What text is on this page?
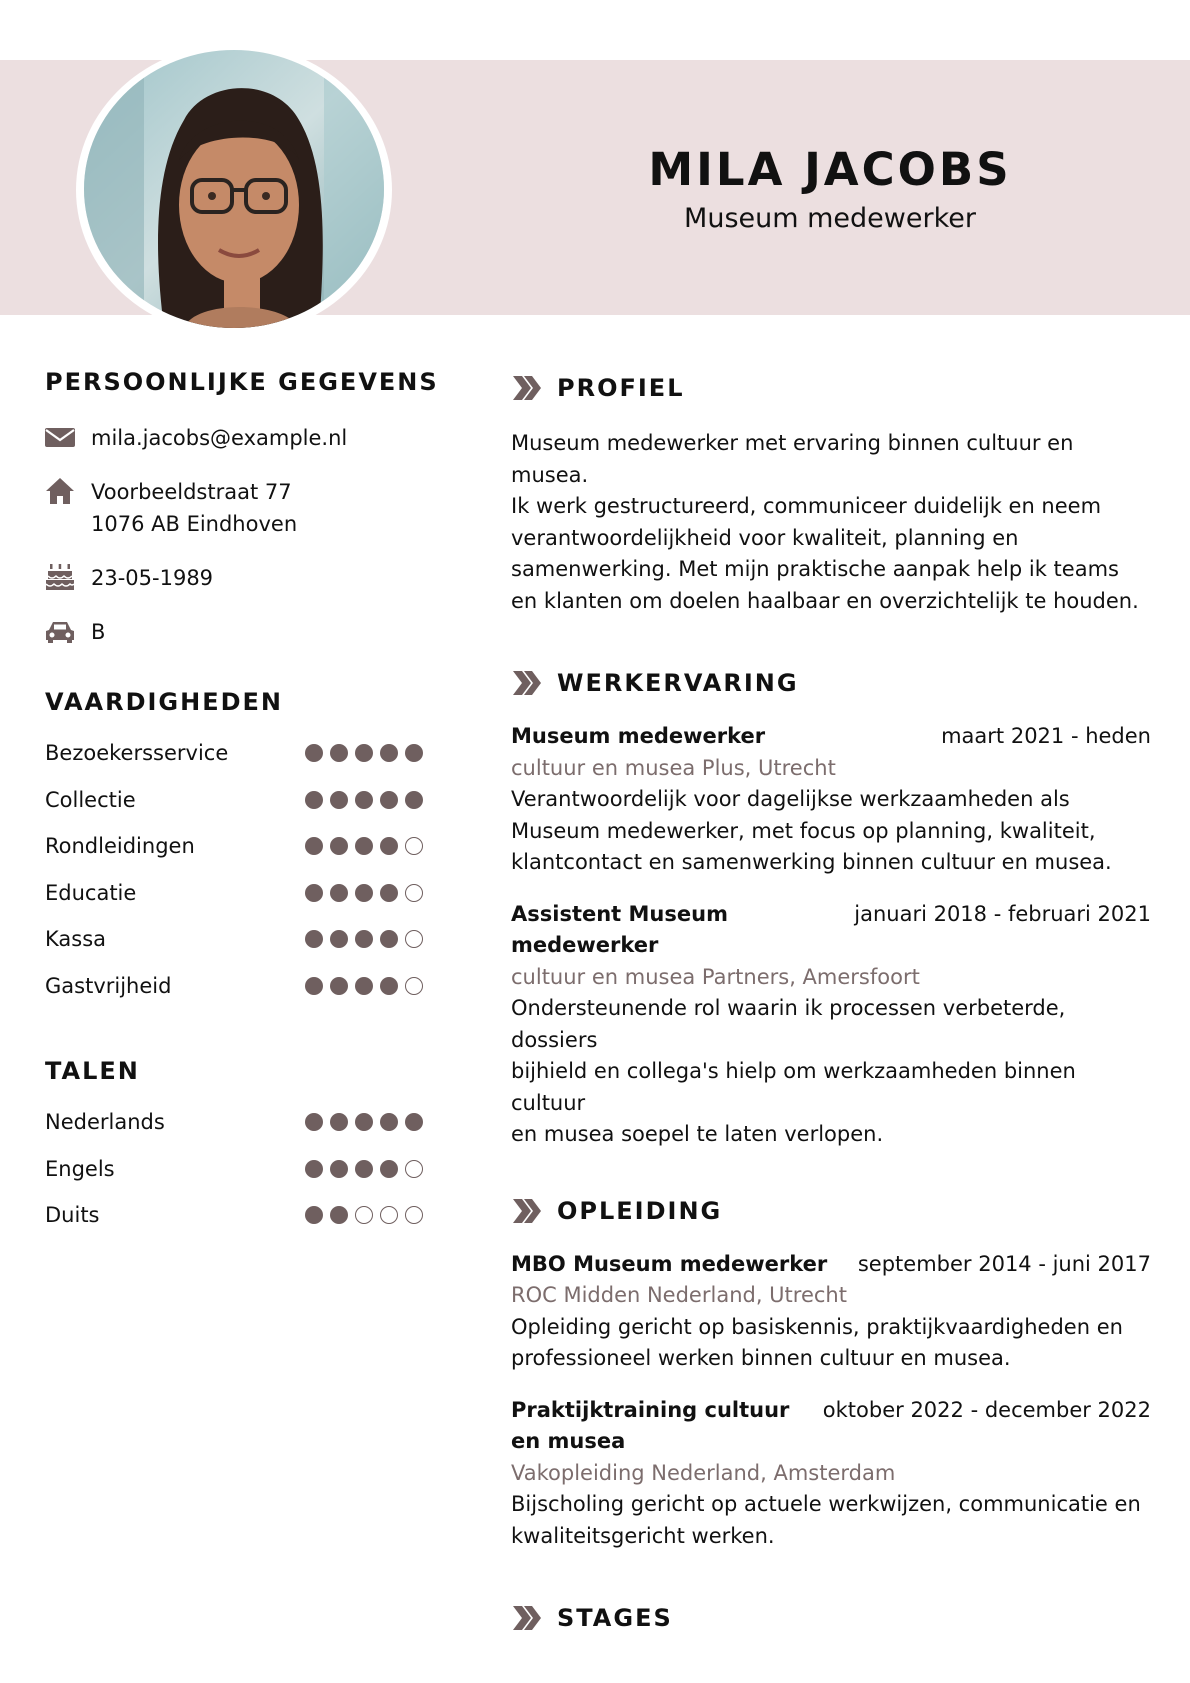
MILA JACOBS
Museum medewerker
PERSOONLIJKE GEGEVENS
mila.jacobs@example.nl
Voorbeeldstraat 77
1076 AB Eindhoven
23-05-1989
B
VAARDIGHEDEN
Bezoekersservice
Collectie
Rondleidingen
Educatie
Kassa
Gastvrijheid
TALEN
Nederlands
Engels
Duits
PROFIEL
Museum medewerker met ervaring binnen cultuur en musea.
Ik werk gestructureerd, communiceer duidelijk en neem
verantwoordelijkheid voor kwaliteit, planning en
samenwerking. Met mijn praktische aanpak help ik teams
en klanten om doelen haalbaar en overzichtelijk te houden.
WERKERVARING
Museum medewerker	maart 2021 - heden
cultuur en musea Plus, Utrecht
Verantwoordelijk voor dagelijkse werkzaamheden als
Museum medewerker, met focus op planning, kwaliteit,
klantcontact en samenwerking binnen cultuur en musea.
Assistent Museum
medewerker
januari 2018 - februari 2021
cultuur en musea Partners, Amersfoort
Ondersteunende rol waarin ik processen verbeterde, dossiers
bijhield en collega's hielp om werkzaamheden binnen cultuur
en musea soepel te laten verlopen.
OPLEIDING
MBO Museum medewerker september 2014 - juni 2017
ROC Midden Nederland, Utrecht
Opleiding gericht op basiskennis, praktijkvaardigheden en
professioneel werken binnen cultuur en musea.
Praktijktraining cultuur
en musea
oktober 2022 - december 2022
Vakopleiding Nederland, Amsterdam
Bijscholing gericht op actuele werkwijzen, communicatie en
kwaliteitsgericht werken.
STAGES
